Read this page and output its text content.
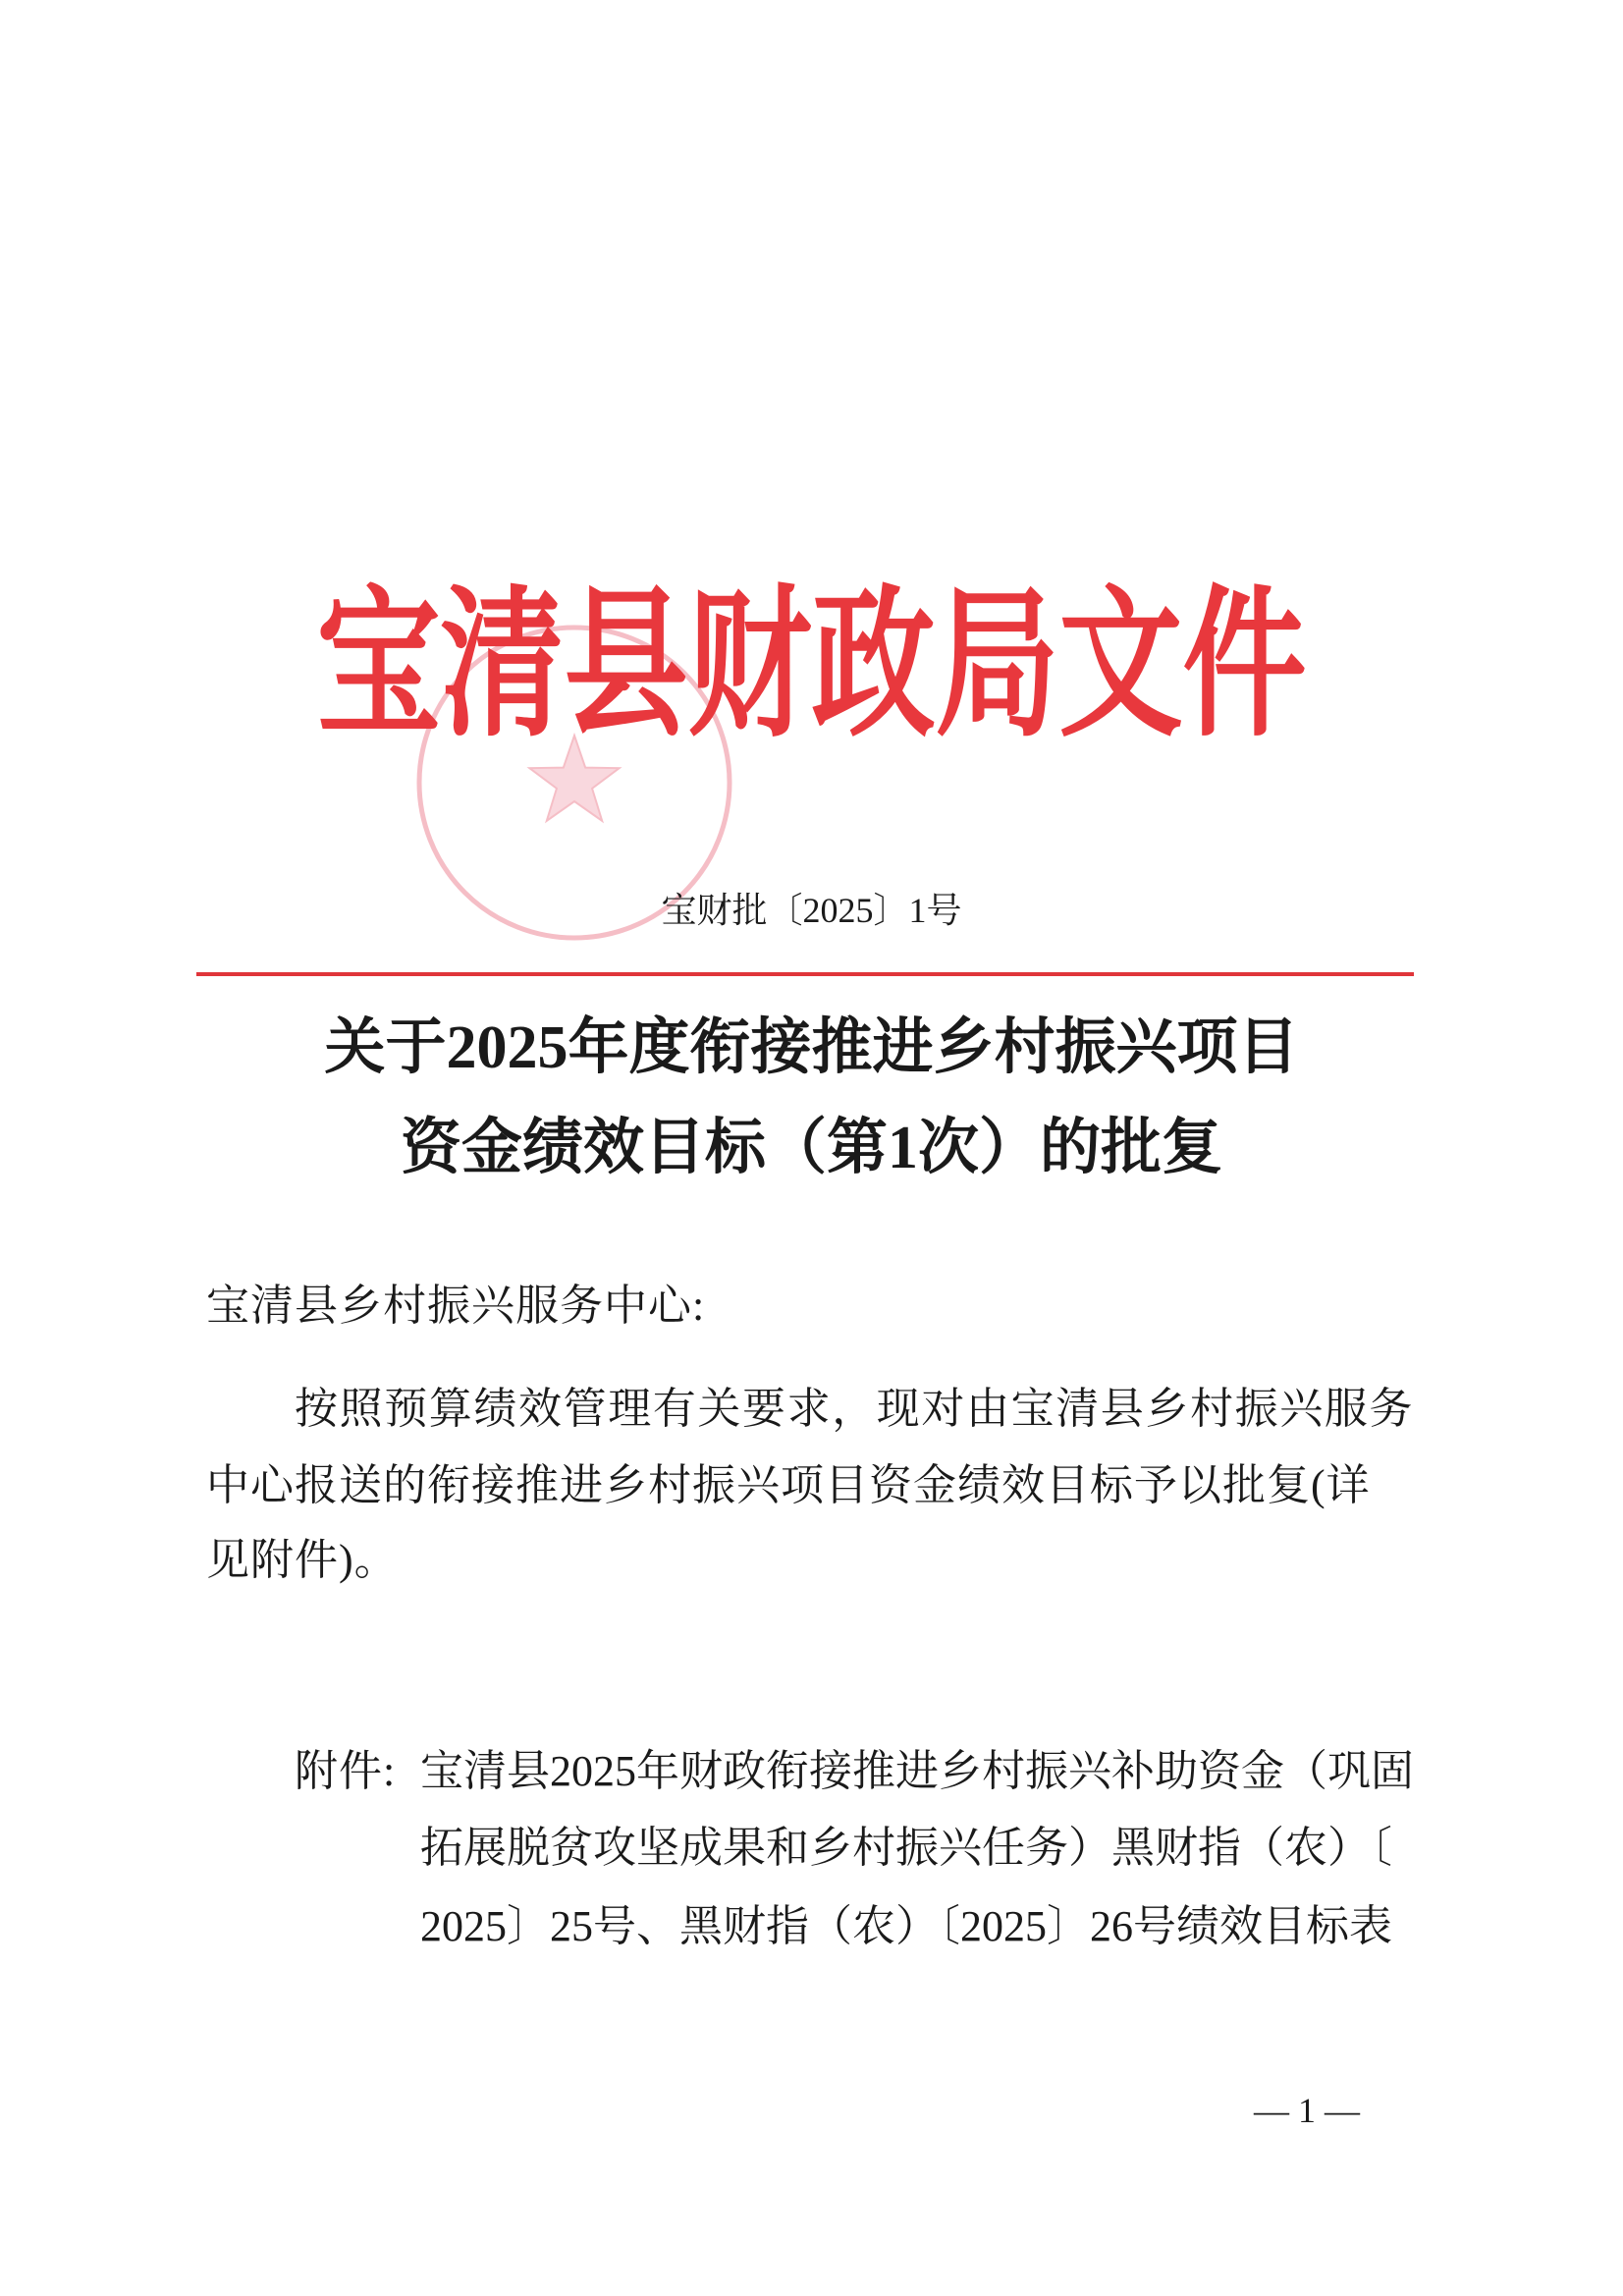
宝清县财政局文件
宝财批〔2025〕1号
关于2025年度衔接推进乡村振兴项目
资金绩效目标（第1次）的批复
宝清县乡村振兴服务中心:
按照预算绩效管理有关要求，现对由宝清县乡村振兴服务
中心报送的衔接推进乡村振兴项目资金绩效目标予以批复(详
见附件)。
附件: 宝清县2025年财政衔接推进乡村振兴补助资金（巩固
拓展脱贫攻坚成果和乡村振兴任务）黑财指（农）〔
2025〕25号、黑财指（农）〔2025〕26号绩效目标表
— 1 —
